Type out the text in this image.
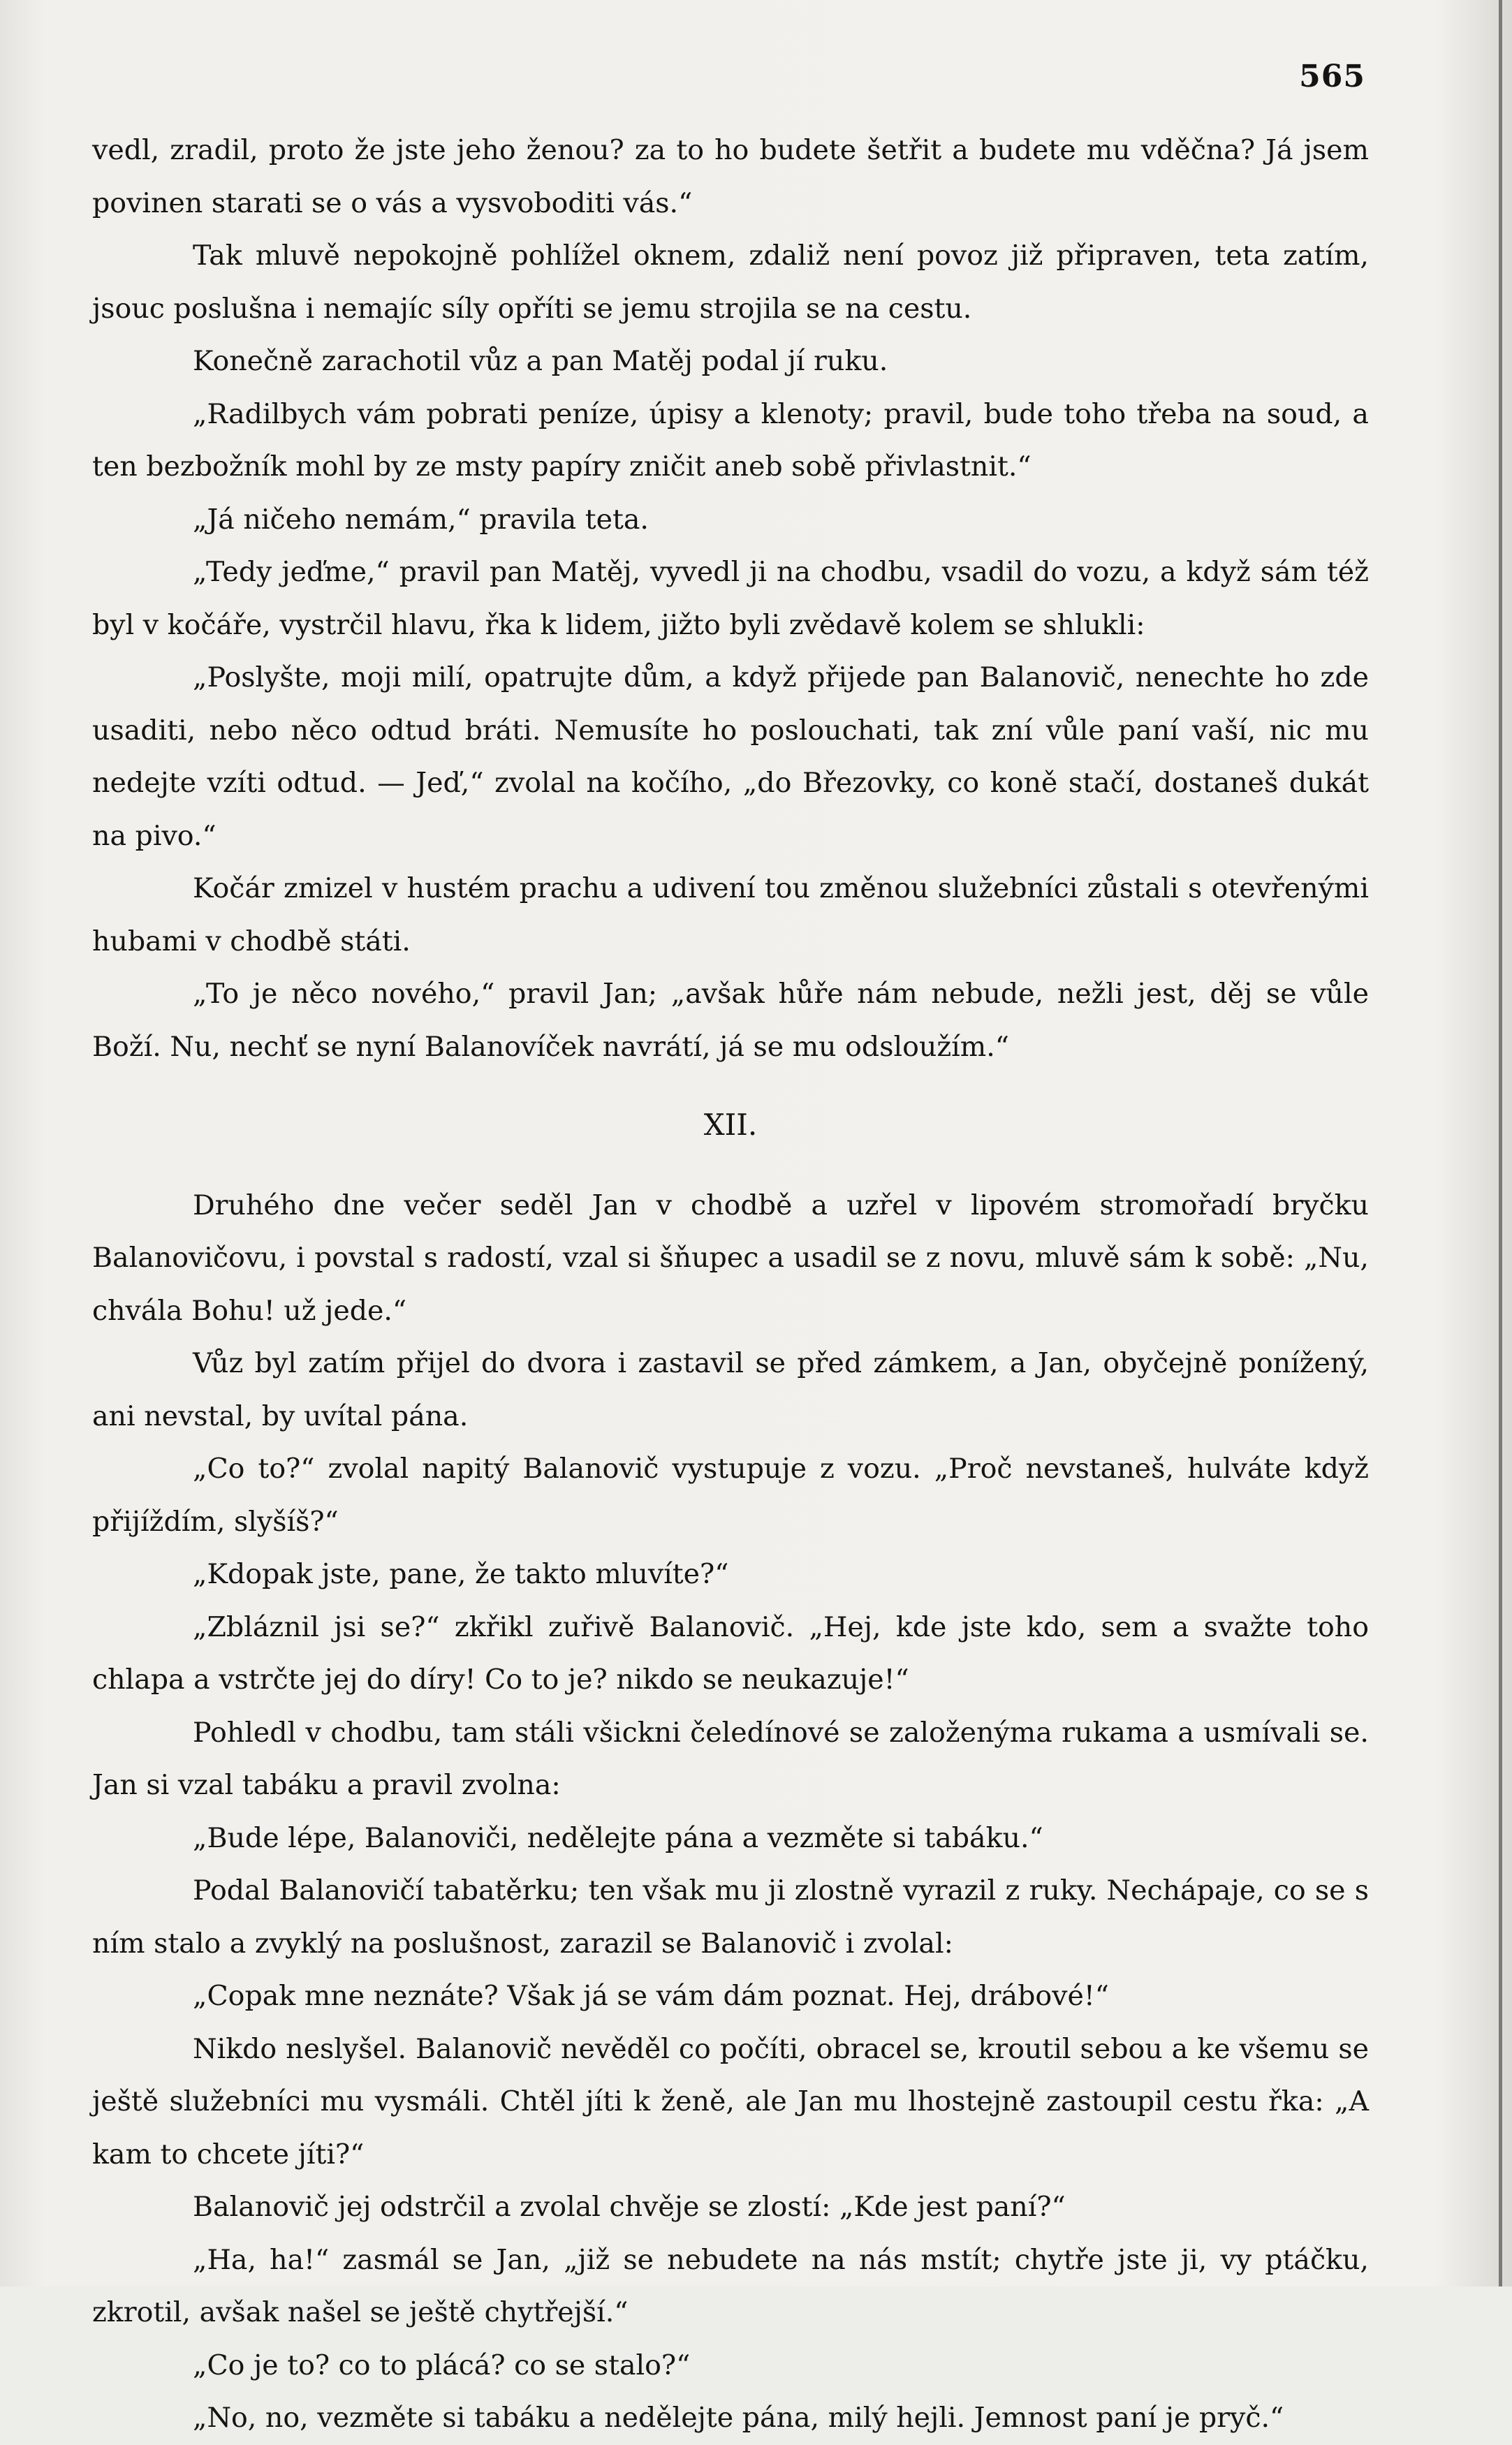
565

vedl, zradil, proto že jste jeho ženou? za to ho budete šetřit a budete mu vděčna? Já jsem povinen starati se o vás a vysvoboditi vás.“

Tak mluvě nepokojně pohlížel oknem, zdaliž není povoz již připraven, teta zatím, jsouc poslušna i nemajíc síly opříti se jemu strojila se na cestu.

Konečně zarachotil vůz a pan Matěj podal jí ruku.

„Radilbych vám pobrati peníze, úpisy a klenoty; pravil, bude toho třeba na soud, a ten bezbožník mohl by ze msty papíry zničit aneb sobě přivlastnit.“

„Já ničeho nemám,“ pravila teta.

„Tedy jeďme,“ pravil pan Matěj, vyvedl ji na chodbu, vsadil do vozu, a když sám též byl v kočáře, vystrčil hlavu, řka k lidem, jižto byli zvědavě kolem se shlukli:

„Poslyšte, moji milí, opatrujte dům, a když přijede pan Balanovič, nenechte ho zde usaditi, nebo něco odtud bráti. Nemusíte ho poslouchati, tak zní vůle paní vaší, nic mu nedejte vzíti odtud. — Jeď,“ zvolal na kočího, „do Březovky, co koně stačí, dostaneš dukát na pivo.“

Kočár zmizel v hustém prachu a udivení tou změnou služebníci zůstali s otevřenými hubami v chodbě státi.

„To je něco nového,“ pravil Jan; „avšak hůře nám nebude, nežli jest, děj se vůle Boží. Nu, nechť se nyní Balanovíček navrátí, já se mu odsloužím.“

XII.

Druhého dne večer seděl Jan v chodbě a uzřel v lipovém stromořadí bryčku Balanovičovu, i povstal s radostí, vzal si šňupec a usadil se z novu, mluvě sám k sobě: „Nu, chvála Bohu! už jede.“

Vůz byl zatím přijel do dvora i zastavil se před zámkem, a Jan, obyčejně ponížený, ani nevstal, by uvítal pána.

„Co to?“ zvolal napitý Balanovič vystupuje z vozu. „Proč nevstaneš, hulváte když přijíždím, slyšíš?“

„Kdopak jste, pane, že takto mluvíte?“

„Zbláznil jsi se?“ zkřikl zuřivě Balanovič. „Hej, kde jste kdo, sem a svažte toho chlapa a vstrčte jej do díry! Co to je? nikdo se neukazuje!“

Pohledl v chodbu, tam stáli všickni čeledínové se založenýma rukama a usmívali se. Jan si vzal tabáku a pravil zvolna:

„Bude lépe, Balanoviči, nedělejte pána a vezměte si tabáku.“

Podal Balanovičí tabatěrku; ten však mu ji zlostně vyrazil z ruky. Nechápaje, co se s ním stalo a zvyklý na poslušnost, zarazil se Balanovič i zvolal:

„Copak mne neznáte? Však já se vám dám poznat. Hej, drábové!“

Nikdo neslyšel. Balanovič nevěděl co počíti, obracel se, kroutil sebou a ke všemu se ještě služebníci mu vysmáli. Chtěl jíti k ženě, ale Jan mu lhostejně zastoupil cestu řka: „A kam to chcete jíti?“

Balanovič jej odstrčil a zvolal chvěje se zlostí: „Kde jest paní?“

„Ha, ha!“ zasmál se Jan, „již se nebudete na nás mstít; chytře jste ji, vy ptáčku, zkrotil, avšak našel se ještě chytřejší.“

„Co je to? co to plácá? co se stalo?“

„No, no, vezměte si tabáku a nedělejte pána, milý hejli. Jemnost paní je pryč.“
